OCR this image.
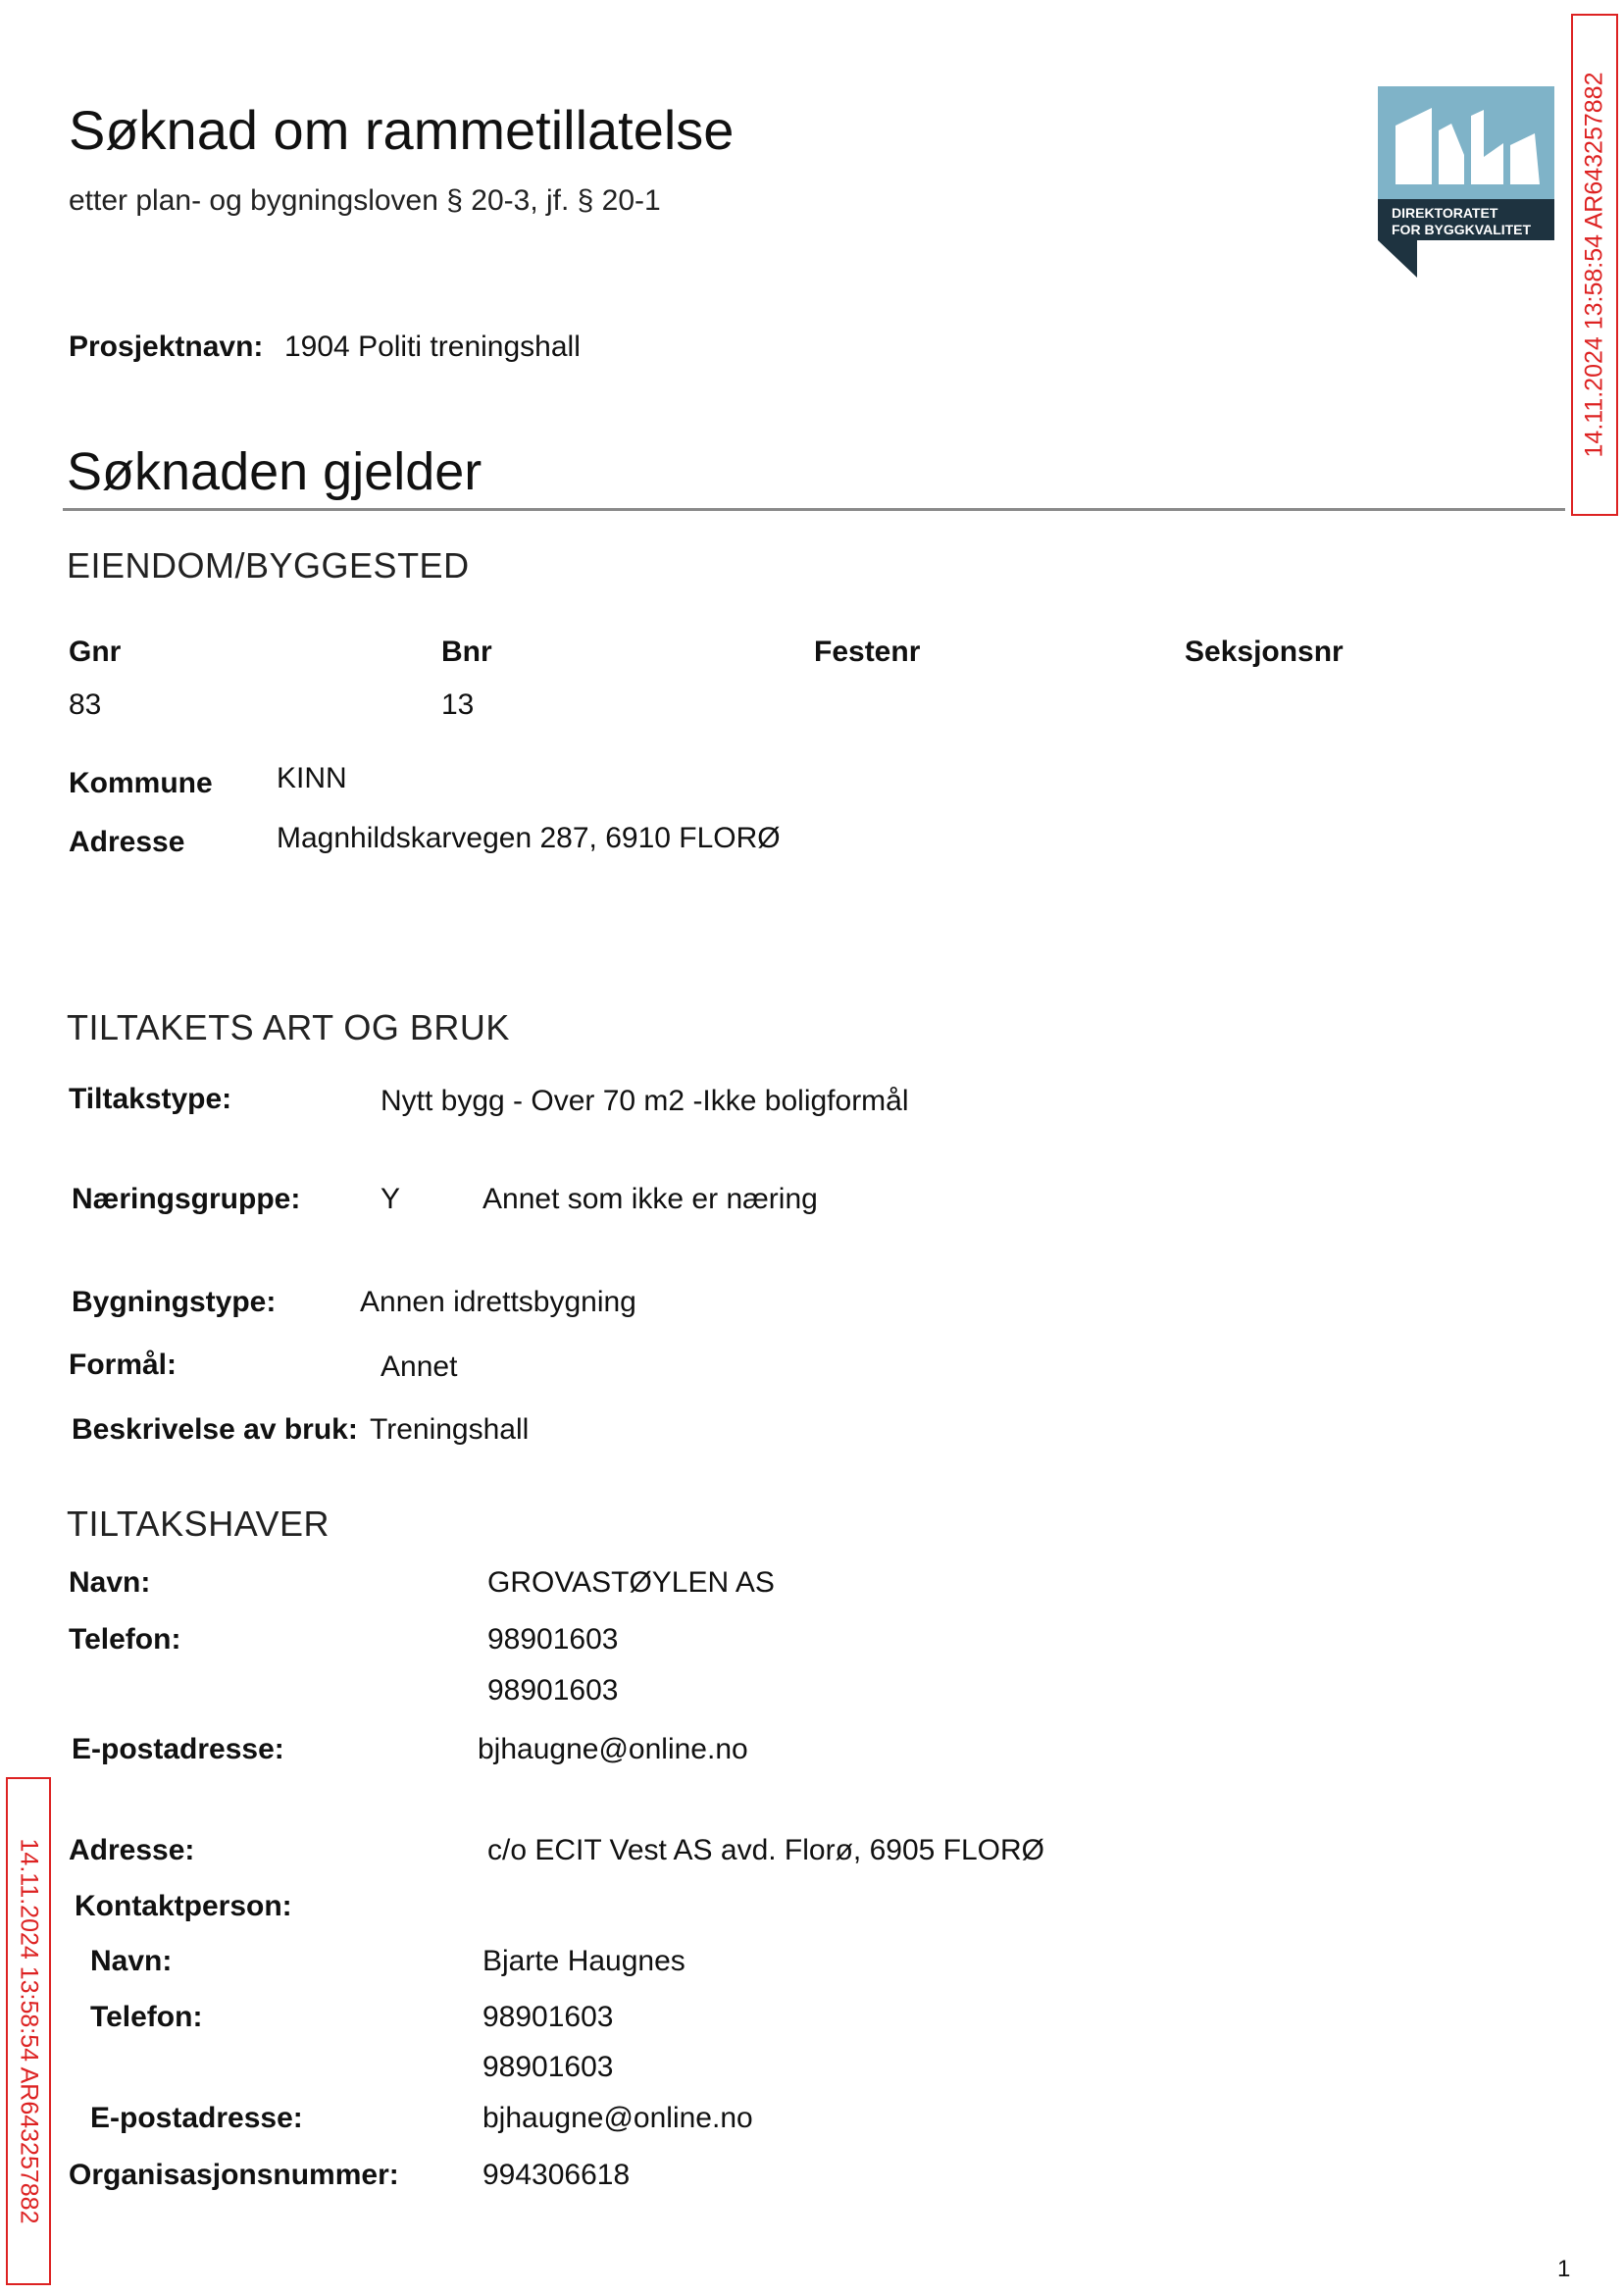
Søknad om rammetillatelse
etter plan- og bygningsloven § 20-3, jf. § 20-1	DIREKTORATET
FOR BYGGKVALITET 14.11.2024 13:58:54 AR643257882
14.11.2024 13:58:54 AR643257882
Prosjektnavn: 1904 Politi treningshall
Søknaden gjelder
EIENDOM/BYGGESTED
Gnr	Bnr	Festenr	Seksjonsnr
83	13
Kommune KINN
Adresse	Magnhildskarvegen 287, 6910 FLORØ
TILTAKETS ART OG BRUK
Tiltakstype:	Nytt bygg - Over 70 m2 -Ikke boligformål
Næringsgruppe:	Y	Annet som ikke er næring
Bygningstype:	Annen idrettsbygning
Formål:	Annet
Beskrivelse av bruk: Treningshall
TILTAKSHAVER
Navn:	GROVASTØYLEN AS
Telefon:	98901603
98901603
E-postadresse:	bjhaugne@online.no
Adresse:	c/o ECIT Vest AS avd. Florø, 6905 FLORØ
Kontaktperson:
Navn:	Bjarte Haugnes
Telefon:	98901603
98901603
E-postadresse:	bjhaugne@online.no
Organisasjonsnummer:	994306618
1
